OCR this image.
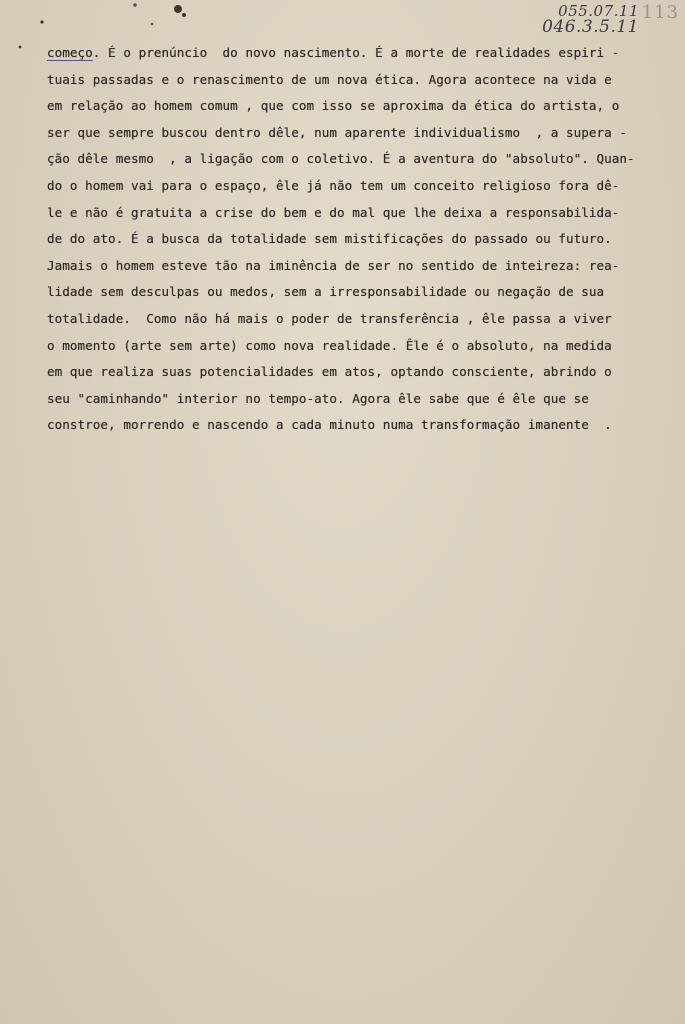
055.07.11
046.3.5.11
113
começo. É o prenúncio  do novo nascimento. É a morte de realidades espiri -
tuais passadas e o renascimento de um nova ética. Agora acontece na vida e
em relação ao homem comum , que com isso se aproxima da ética do artista, o
ser que sempre buscou dentro dêle, num aparente individualismo  , a supera -
ção dêle mesmo  , a ligação com o coletivo. É a aventura do "absoluto". Quan-
do o homem vai para o espaço, êle já não tem um conceito religioso fora dê-
le e não é gratuita a crise do bem e do mal que lhe deixa a responsabilida-
de do ato. É a busca da totalidade sem mistificações do passado ou futuro.
Jamais o homem esteve tão na iminência de ser no sentido de inteireza: rea-
lidade sem desculpas ou medos, sem a irresponsabilidade ou negação de sua
totalidade.  Como não há mais o poder de transferência , êle passa a viver
o momento (arte sem arte) como nova realidade. Êle é o absoluto, na medida
em que realiza suas potencialidades em atos, optando consciente, abrindo o
seu "caminhando" interior no tempo-ato. Agora êle sabe que é êle que se
constroe, morrendo e nascendo a cada minuto numa transformação imanente  .
